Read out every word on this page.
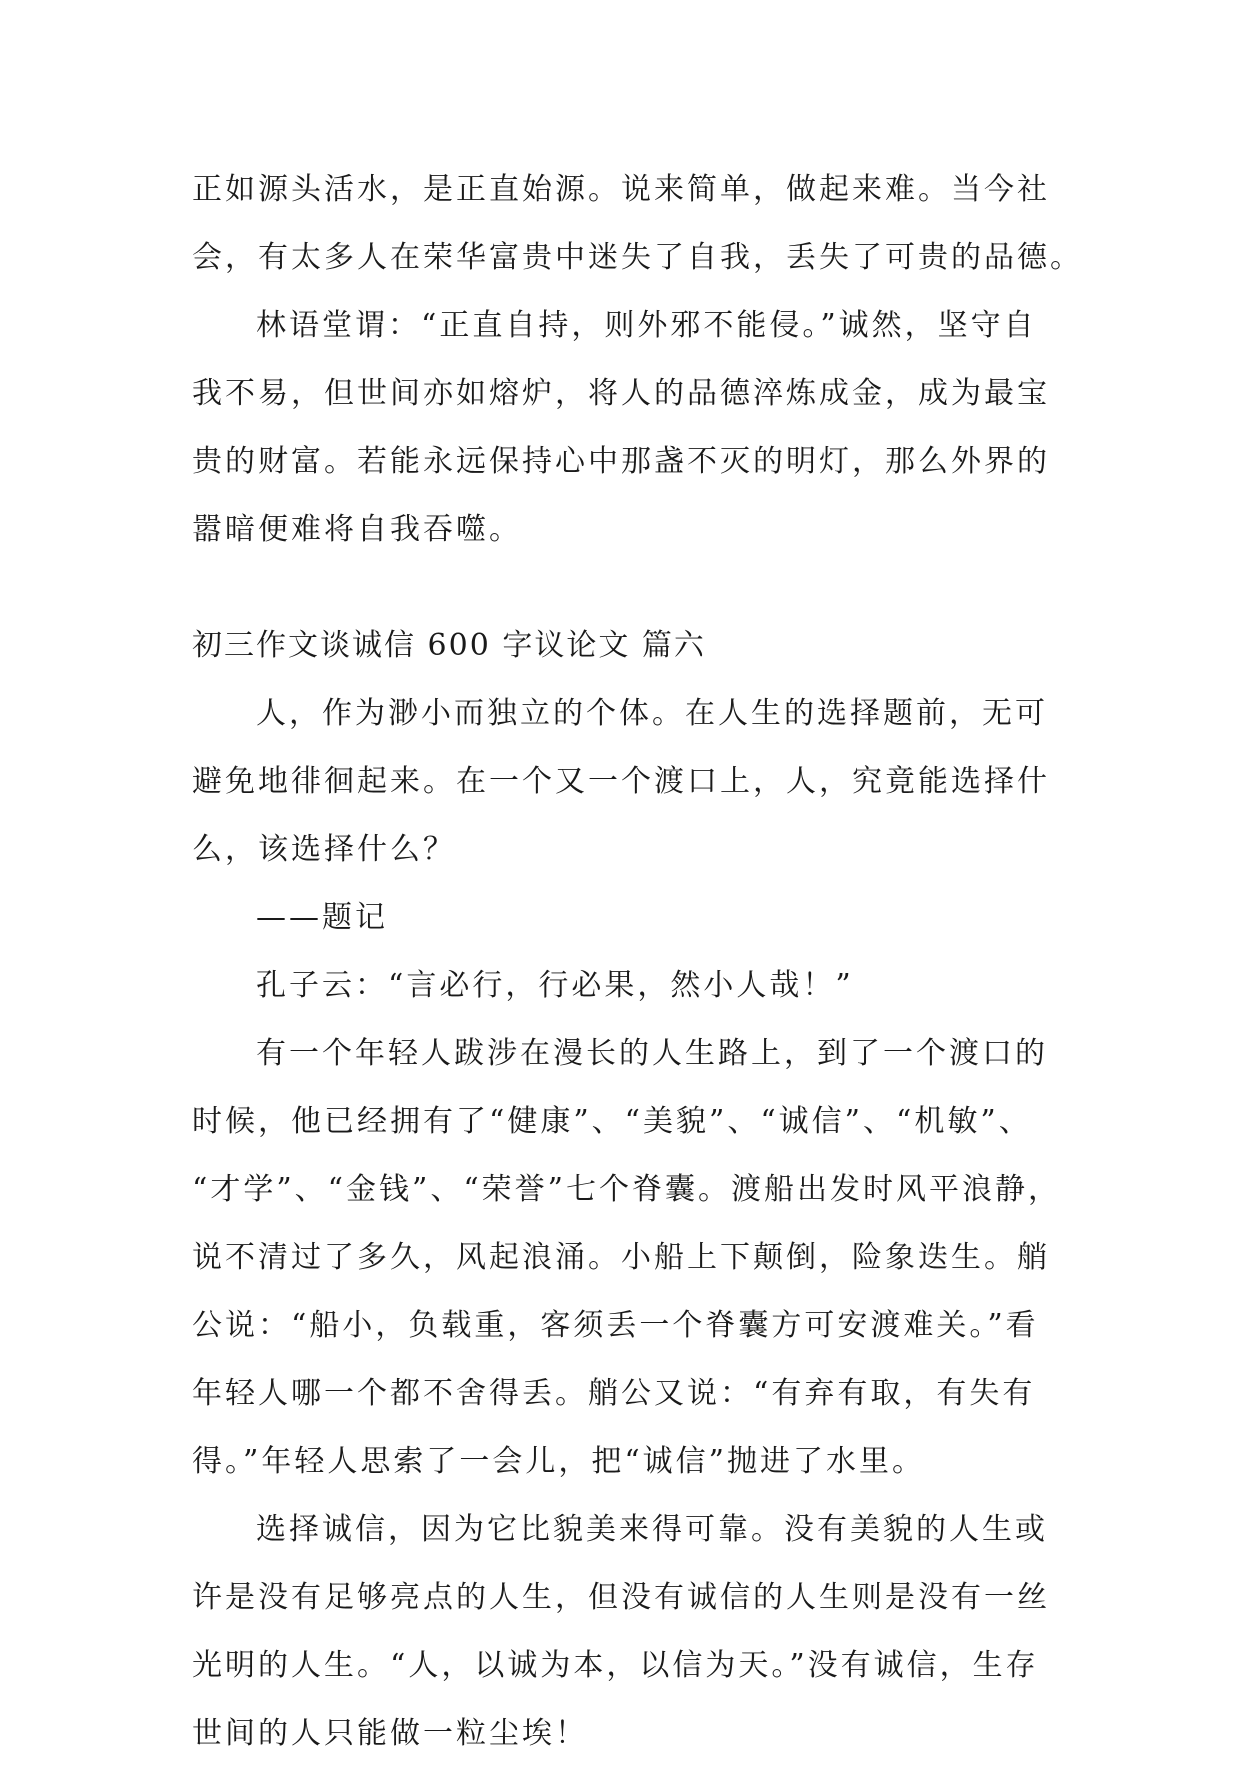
正如源头活水，是正直始源。说来简单，做起来难。当今社
会，有太多人在荣华富贵中迷失了自我，丢失了可贵的品德。
林语堂谓：“正直自持，则外邪不能侵。”诚然，坚守自
我不易，但世间亦如熔炉，将人的品德淬炼成金，成为最宝
贵的财富。若能永远保持心中那盏不灭的明灯，那么外界的
嚣暗便难将自我吞噬。
初三作文谈诚信 600 字议论文 篇六
人，作为渺小而独立的个体。在人生的选择题前，无可
避免地徘徊起来。在一个又一个渡口上，人，究竟能选择什
么，该选择什么？
——题记
孔子云：“言必行，行必果，然小人哉！”
有一个年轻人跋涉在漫长的人生路上，到了一个渡口的
时候，他已经拥有了“健康”、“美貌”、“诚信”、“机敏”、
“才学”、“金钱”、“荣誉”七个脊囊。渡船出发时风平浪静，
说不清过了多久，风起浪涌。小船上下颠倒，险象迭生。艄
公说：“船小，负载重，客须丢一个脊囊方可安渡难关。”看
年轻人哪一个都不舍得丢。艄公又说：“有弃有取，有失有
得。”年轻人思索了一会儿，把“诚信”抛进了水里。
选择诚信，因为它比貌美来得可靠。没有美貌的人生或
许是没有足够亮点的人生，但没有诚信的人生则是没有一丝
光明的人生。“人，以诚为本，以信为天。”没有诚信，生存
世间的人只能做一粒尘埃！
